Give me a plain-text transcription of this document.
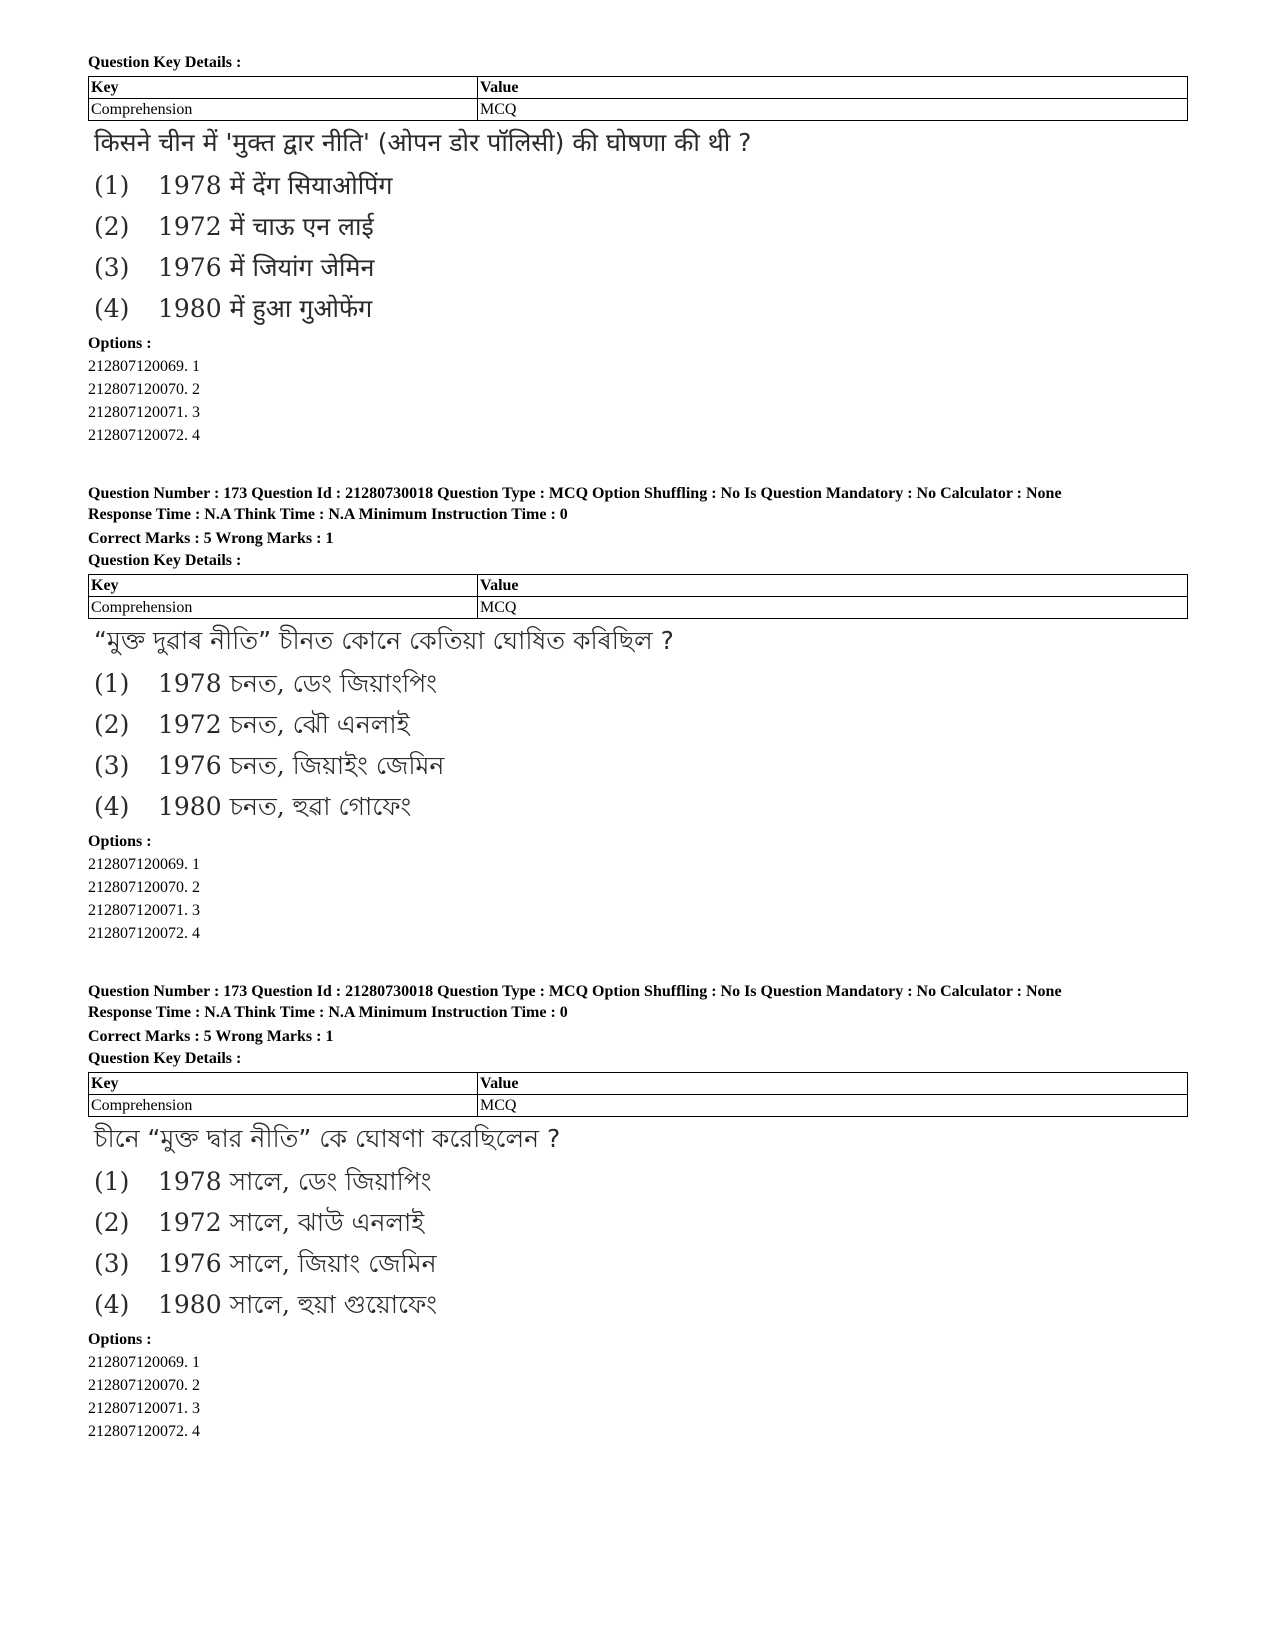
Question Key Details :
Key	Value
Comprehension	MCQ
किसने चीन में 'मुक्त द्वार नीति' (ओपन डोर पॉलिसी) की घोषणा की थी ?
(1)	1978 में देंग सियाओपिंग
(2)	1972 में चाऊ एन लाई
(3)	1976 में जियांग जेमिन
(4)	1980 में हुआ गुओफेंग
Options :
212807120069. 1
212807120070. 2
212807120071. 3
212807120072. 4
Question Number : 173 Question Id : 21280730018 Question Type : MCQ Option Shuffling : No Is Question Mandatory : No Calculator : None
Response Time : N.A Think Time : N.A Minimum Instruction Time : 0
Correct Marks : 5 Wrong Marks : 1
Question Key Details :
Key	Value
Comprehension	MCQ
“মুক্ত দুৱাৰ নীতি” চীনত কোনে কেতিয়া ঘোষিত কৰিছিল ?
(1)	1978 চনত, ডেং জিয়াংপিং
(2)	1972 চনত, ঝৌ এনলাই
(3)	1976 চনত, জিয়াইং জেমিন
(4)	1980 চনত, হুৱা গোফেং
Options :
212807120069. 1
212807120070. 2
212807120071. 3
212807120072. 4
Question Number : 173 Question Id : 21280730018 Question Type : MCQ Option Shuffling : No Is Question Mandatory : No Calculator : None
Response Time : N.A Think Time : N.A Minimum Instruction Time : 0
Correct Marks : 5 Wrong Marks : 1
Question Key Details :
Key	Value
Comprehension	MCQ
চীনে “মুক্ত দ্বার নীতি” কে ঘোষণা করেছিলেন ?
(1)	1978 সালে, ডেং জিয়াপিং
(2)	1972 সালে, ঝাউ এনলাই
(3)	1976 সালে, জিয়াং জেমিন
(4)	1980 সালে, হুয়া গুয়োফেং
Options :
212807120069. 1
212807120070. 2
212807120071. 3
212807120072. 4
